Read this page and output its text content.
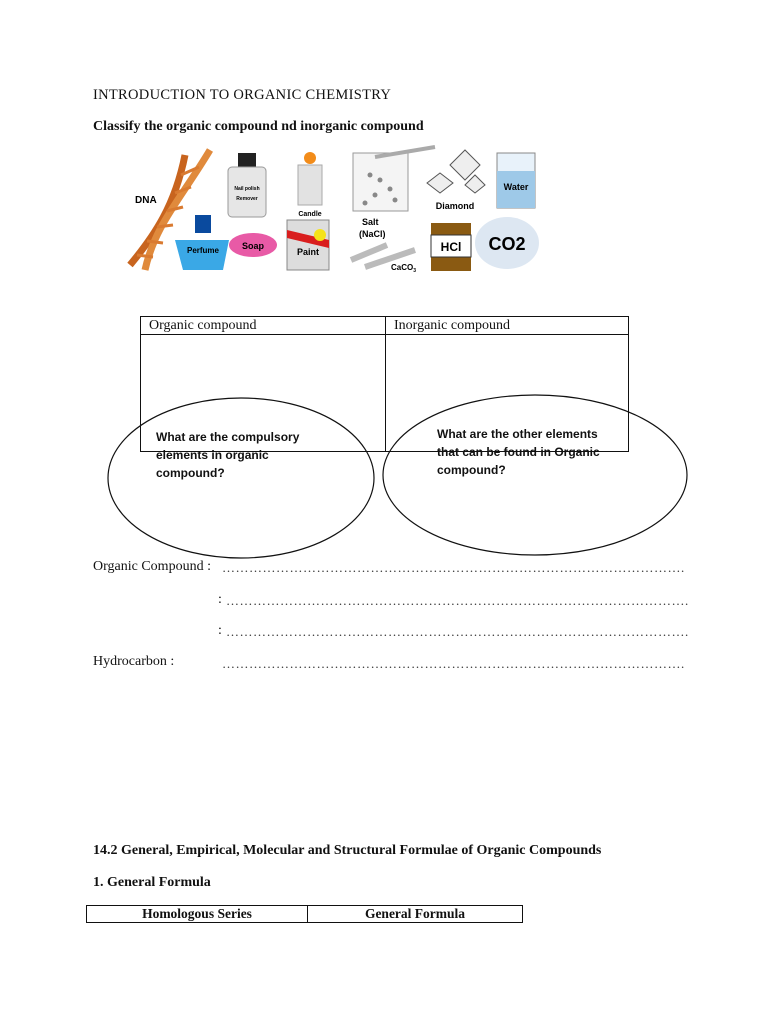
INTRODUCTION TO ORGANIC CHEMISTRY
Classify the organic compound nd inorganic compound
DNA
Nail polish
Remover
Perfume	Soap
Candle
Paint
Salt
(NaCl)
CaCO$_3$
Diamond
Water
HCl CO2
Organic compound	Inorganic compound

What are the compulsory
elements in organic
compound?
What are the other elements
that can be found in Organic
compound?
Organic Compound : ………………………………………………………………………………………….
: ………………………………………………………………………………………….
: ………………………………………………………………………………………….
Hydrocarbon :	………………………………………………………………………………………….
14.2 General, Empirical, Molecular and Structural Formulae of Organic Compounds
1. General Formula
Homologous Series	General Formula
